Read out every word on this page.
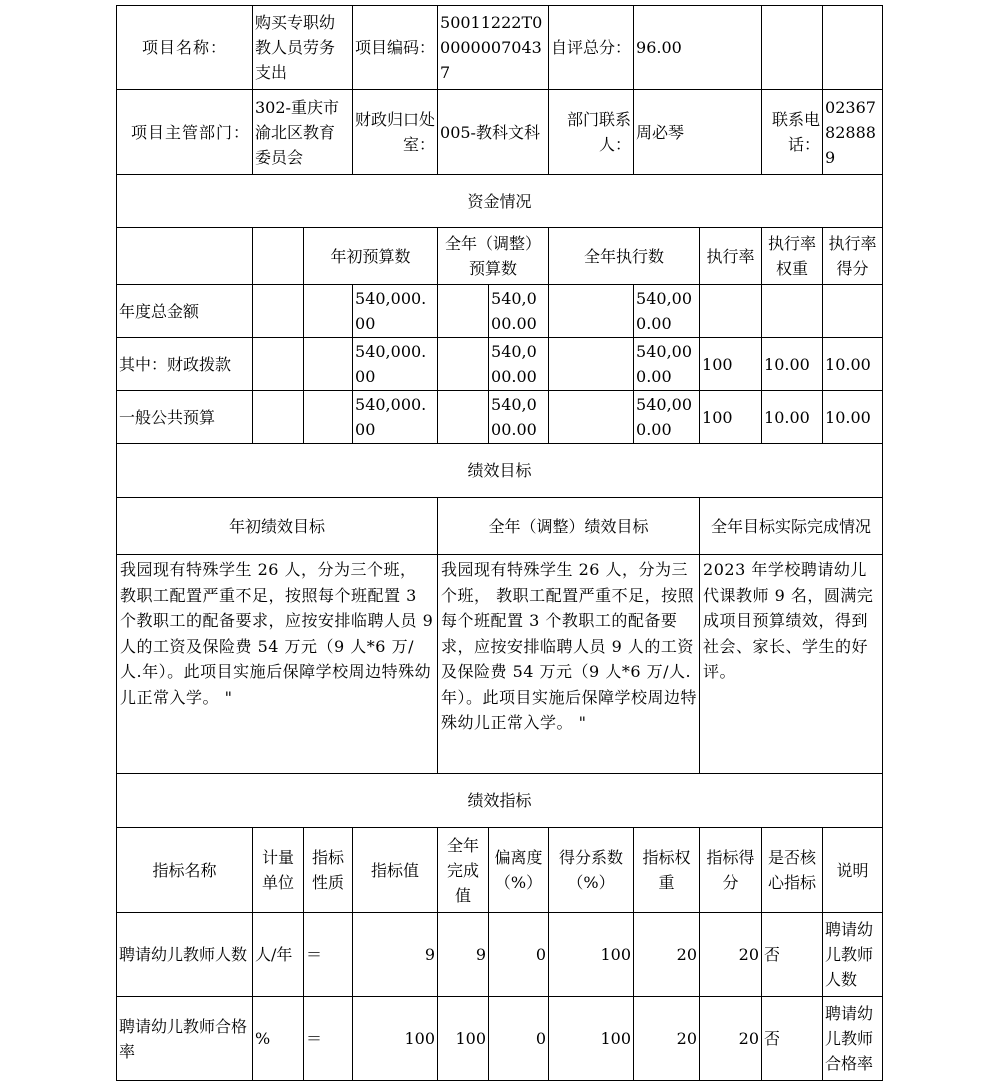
项目名称：	购买专职幼教人员劳务支出		项目编码：	50011222T000000070437		自评总分：	96.00			
项目主管部门：	302-重庆市渝北区教育委员会		财政归口处室：	005-教科文科		部门联系人：	周必琴		联系电话：	02367828889
资金情况										
		年初预算数		全年（调整）预算数		全年执行数		执行率	执行率权重	执行率得分
年度总金额			540,000.00		540,000.00		540,000.00			
其中：财政拨款			540,000.00		540,000.00		540,000.00	100	10.00	10.00
一般公共预算			540,000.00		540,000.00		540,000.00	100	10.00	10.00
绩效目标										
年初绩效目标				全年（调整）绩效目标				全年目标实际完成情况		
我园现有特殊学生 26 人，分为三个班， 教职工配置严重不足，按照每个班配置 3 个教职工的配备要求，应按安排临聘人员 9 人的工资及保险费 54 万元（9 人*6 万/人.年）。此项目实施后保障学校周边特殊幼儿正常入学。 "				我园现有特殊学生 26 人，分为三个班， 教职工配置严重不足，按照每个班配置 3 个教职工的配备要求，应按安排临聘人员 9 人的工资及保险费 54 万元（9 人*6 万/人.年）。此项目实施后保障学校周边特殊幼儿正常入学。 "				2023 年学校聘请幼儿代课教师 9 名，圆满完成项目预算绩效，得到社会、家长、学生的好评。		
绩效指标										
指标名称	计量单位	指标性质	指标值	全年完成值	偏离度（%）	得分系数（%）	指标权重	指标得分	是否核心指标	说明
聘请幼儿教师人数	人/年	＝	9	9	0	100	20	20	否	聘请幼儿教师人数
聘请幼儿教师合格率	%	＝	100	100	0	100	20	20	否	聘请幼儿教师合格率
